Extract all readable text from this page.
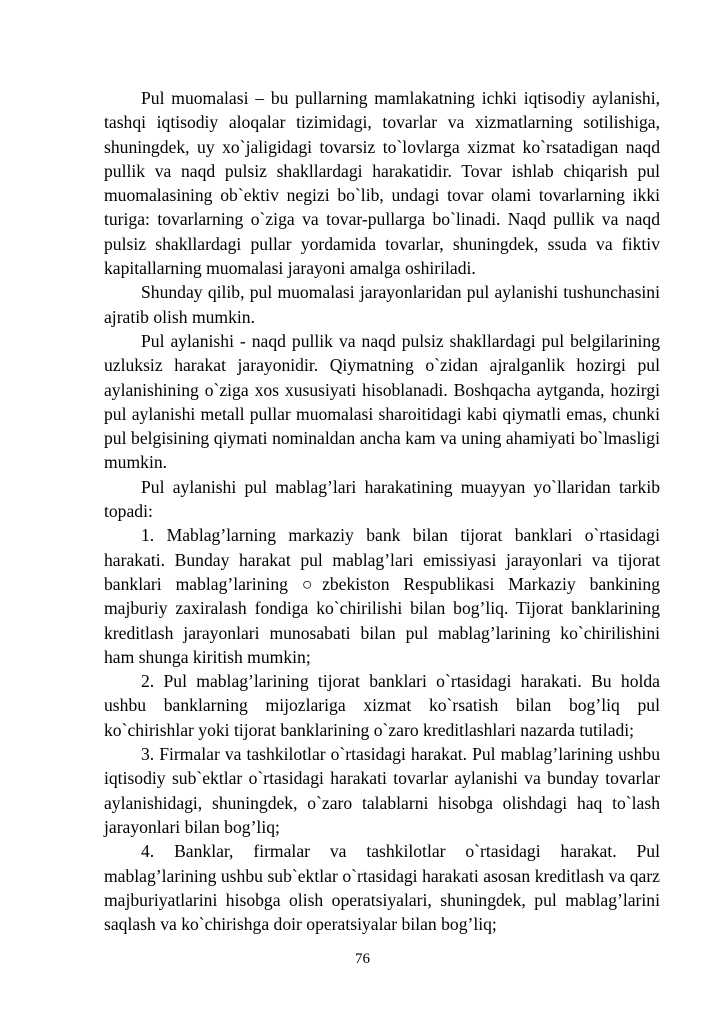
Pul muomalasi – bu pullarning mamlakatning ichki iqtisodiy aylanishi, tashqi iqtisodiy aloqalar tizimidagi, tovarlar va xizmatlarning sotilishiga, shuningdek, uy xo`jaligidagi tovarsiz to`lovlarga xizmat ko`rsatadigan naqd pullik va naqd pulsiz shakllardagi harakatidir. Tovar ishlab chiqarish pul muomalasining ob`ektiv negizi bo`lib, undagi tovar olami tovarlarning ikki turiga: tovarlarning o`ziga va tovar-pullarga bo`linadi. Naqd pullik va naqd pulsiz shakllardagi pullar yordamida tovarlar, shuningdek, ssuda va fiktiv kapitallarning muomalasi jarayoni amalga oshiriladi.

Shunday qilib, pul muomalasi jarayonlaridan pul aylanishi tushunchasini ajratib olish mumkin.

Pul aylanishi - naqd pullik va naqd pulsiz shakllardagi pul belgilarining uzluksiz harakat jarayonidir. Qiymatning o`zidan ajralganlik hozirgi pul aylanishining o`ziga xos xususiyati hisoblanadi. Boshqacha aytganda, hozirgi pul aylanishi metall pullar muomalasi sharoitidagi kabi qiymatli emas, chunki pul belgisining qiymati nominaldan ancha kam va uning ahamiyati bo`lmasligi mumkin.

Pul aylanishi pul mablag’lari harakatining muayyan yo`llaridan tarkib topadi:

1. Mablag’larning markaziy bank bilan tijorat banklari o`rtasidagi harakati. Bunday harakat pul mablag’lari emissiyasi jarayonlari va tijorat banklari mablag’larining ○zbekiston Respublikasi Markaziy bankining majburiy zaxiralash fondiga ko`chirilishi bilan bog’liq. Tijorat banklarining kreditlash jarayonlari munosabati bilan pul mablag’larining ko`chirilishini ham shunga kiritish mumkin;

2. Pul mablag’larining tijorat banklari o`rtasidagi harakati. Bu holda ushbu banklarning mijozlariga xizmat ko`rsatish bilan bog’liq pul ko`chirishlar yoki tijorat banklarining o`zaro kreditlashlari nazarda tutiladi;

3. Firmalar va tashkilotlar o`rtasidagi harakat. Pul mablag’larining ushbu iqtisodiy sub`ektlar o`rtasidagi harakati tovarlar aylanishi va bunday tovarlar aylanishidagi, shuningdek, o`zaro talablarni hisobga olishdagi haq to`lash jarayonlari bilan bog’liq;

4. Banklar, firmalar va tashkilotlar o`rtasidagi harakat. Pul mablag’larining ushbu sub`ektlar o`rtasidagi harakati asosan kreditlash va qarz majburiyatlarini hisobga olish operatsiyalari, shuningdek, pul mablag’larini saqlash va ko`chirishga doir operatsiyalar bilan bog’liq;

76
